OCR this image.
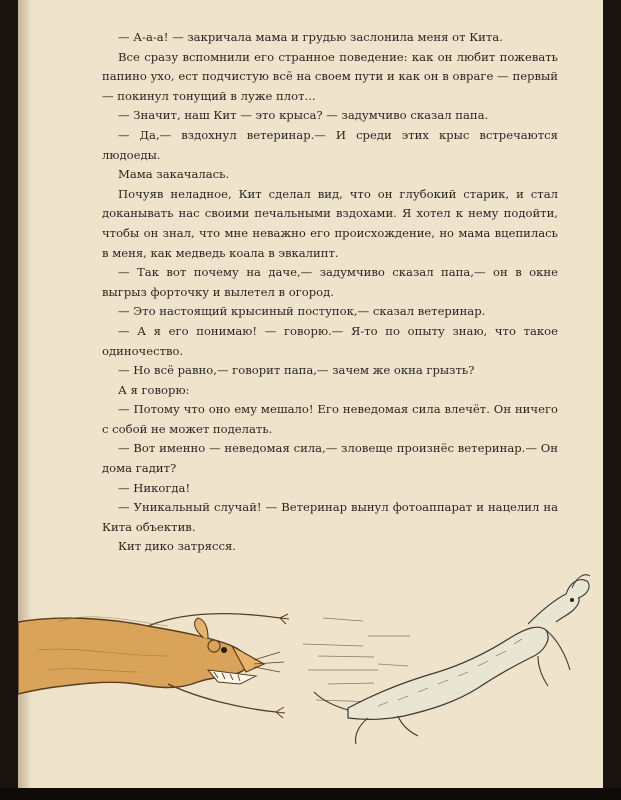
— А-а-а! — закричала мама и грудью заслонила меня от Кита.

Все сразу вспомнили его странное поведение: как он любит пожевать папино ухо, ест подчистую всё на своем пути и как он в овраге — первый — покинул тонущий в луже плот...

— Значит, наш Кит — это крыса? — задумчиво сказал папа.

— Да,— вздохнул ветеринар.— И среди этих крыс встречаются людоеды.

Мама закачалась.

Почуяв неладное, Кит сделал вид, что он глубокий старик, и стал доканывать нас своими печальными вздохами. Я хотел к нему подойти, чтобы он знал, что мне неважно его происхождение, но мама вцепилась в меня, как медведь коала в эвкалипт.

— Так вот почему на даче,— задумчиво сказал папа,— он в окне выгрыз форточку и вылетел в огород.

— Это настоящий крысиный поступок,— сказал ветеринар.

— А я его понимаю! — говорю.— Я-то по опыту знаю, что такое одиночество.

— Но всё равно,— говорит папа,— зачем же окна грызть?

А я говорю:

— Потому что оно ему мешало! Его неведомая сила влечёт. Он ничего с собой не может поделать.

— Вот именно — неведомая сила,— зловеще произнёс ветеринар.— Он дома гадит?

— Никогда!

— Уникальный случай! — Ветеринар вынул фотоаппарат и нацелил на Кита объектив.

Кит дико затрясся.
